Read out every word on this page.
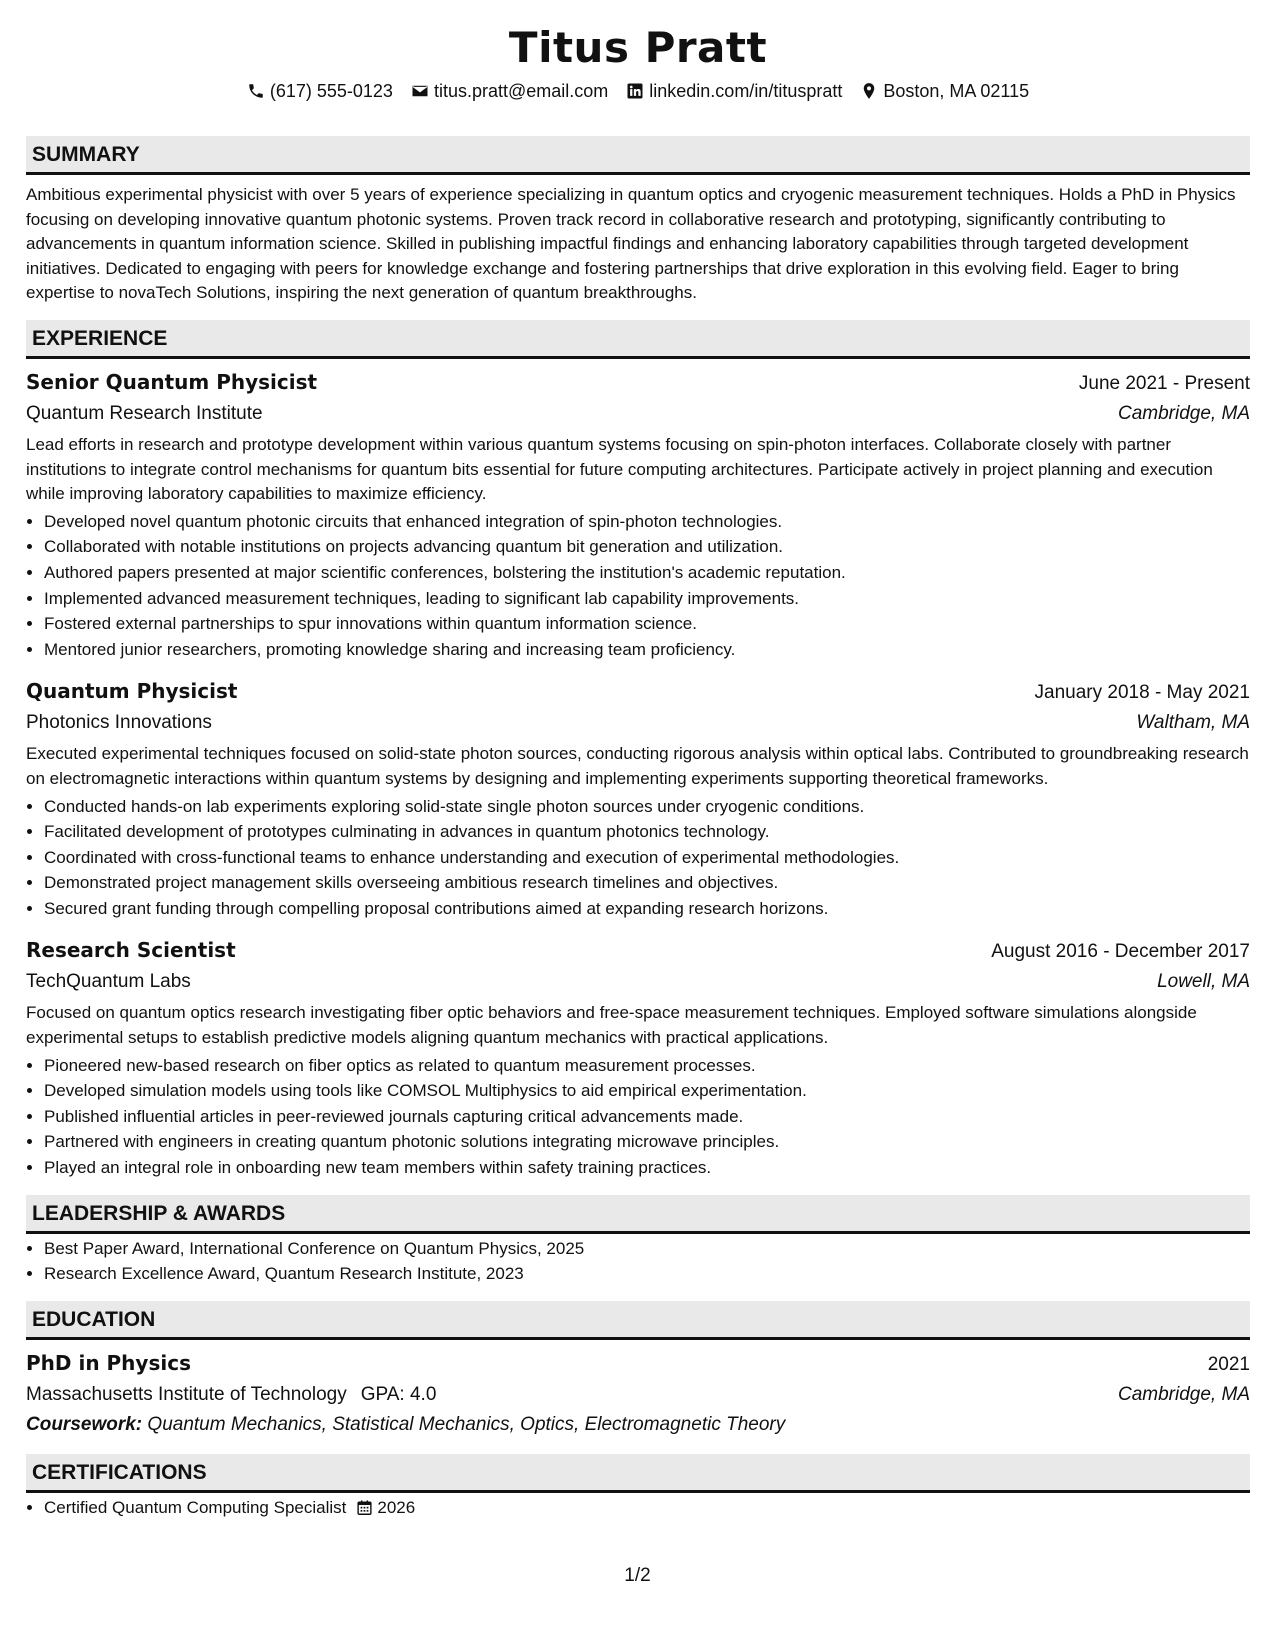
Titus Pratt
(617) 555-0123 titus.pratt@email.com linkedin.com/in/tituspratt Boston, MA 02115
SUMMARY

Ambitious experimental physicist with over 5 years of experience specializing in quantum optics and cryogenic measurement techniques. Holds a PhD in Physics focusing on developing innovative quantum photonic systems. Proven track record in collaborative research and prototyping, significantly contributing to advancements in quantum information science. Skilled in publishing impactful findings and enhancing laboratory capabilities through targeted development initiatives. Dedicated to engaging with peers for knowledge exchange and fostering partnerships that drive exploration in this evolving field. Eager to bring expertise to novaTech Solutions, inspiring the next generation of quantum breakthroughs.

EXPERIENCE
Senior Quantum Physicist	June 2021 - Present
Quantum Research Institute	Cambridge, MA

Lead efforts in research and prototype development within various quantum systems focusing on spin-photon interfaces. Collaborate closely with partner institutions to integrate control mechanisms for quantum bits essential for future computing architectures. Participate actively in project planning and execution while improving laboratory capabilities to maximize efficiency.

• Developed novel quantum photonic circuits that enhanced integration of spin-photon technologies.
• Collaborated with notable institutions on projects advancing quantum bit generation and utilization.
• Authored papers presented at major scientific conferences, bolstering the institution's academic reputation.
• Implemented advanced measurement techniques, leading to significant lab capability improvements.
• Fostered external partnerships to spur innovations within quantum information science.
• Mentored junior researchers, promoting knowledge sharing and increasing team proficiency.
Quantum Physicist	January 2018 - May 2021
Photonics Innovations	Waltham, MA

Executed experimental techniques focused on solid-state photon sources, conducting rigorous analysis within optical labs. Contributed to groundbreaking research on electromagnetic interactions within quantum systems by designing and implementing experiments supporting theoretical frameworks.

• Conducted hands-on lab experiments exploring solid-state single photon sources under cryogenic conditions.
• Facilitated development of prototypes culminating in advances in quantum photonics technology.
• Coordinated with cross-functional teams to enhance understanding and execution of experimental methodologies.
• Demonstrated project management skills overseeing ambitious research timelines and objectives.
• Secured grant funding through compelling proposal contributions aimed at expanding research horizons.
Research Scientist	August 2016 - December 2017
TechQuantum Labs	Lowell, MA

Focused on quantum optics research investigating fiber optic behaviors and free-space measurement techniques. Employed software simulations alongside experimental setups to establish predictive models aligning quantum mechanics with practical applications.

• Pioneered new-based research on fiber optics as related to quantum measurement processes.
• Developed simulation models using tools like COMSOL Multiphysics to aid empirical experimentation.
• Published influential articles in peer-reviewed journals capturing critical advancements made.
• Partnered with engineers in creating quantum photonic solutions integrating microwave principles.
• Played an integral role in onboarding new team members within safety training practices.
LEADERSHIP & AWARDS
• Best Paper Award, International Conference on Quantum Physics, 2025
• Research Excellence Award, Quantum Research Institute, 2023
EDUCATION
PhD in Physics	2021
Massachusetts Institute of Technology GPA: 4.0	Cambridge, MA
Coursework: Quantum Mechanics, Statistical Mechanics, Optics, Electromagnetic Theory
CERTIFICATIONS
• Certified Quantum Computing Specialist 2026
1/2
